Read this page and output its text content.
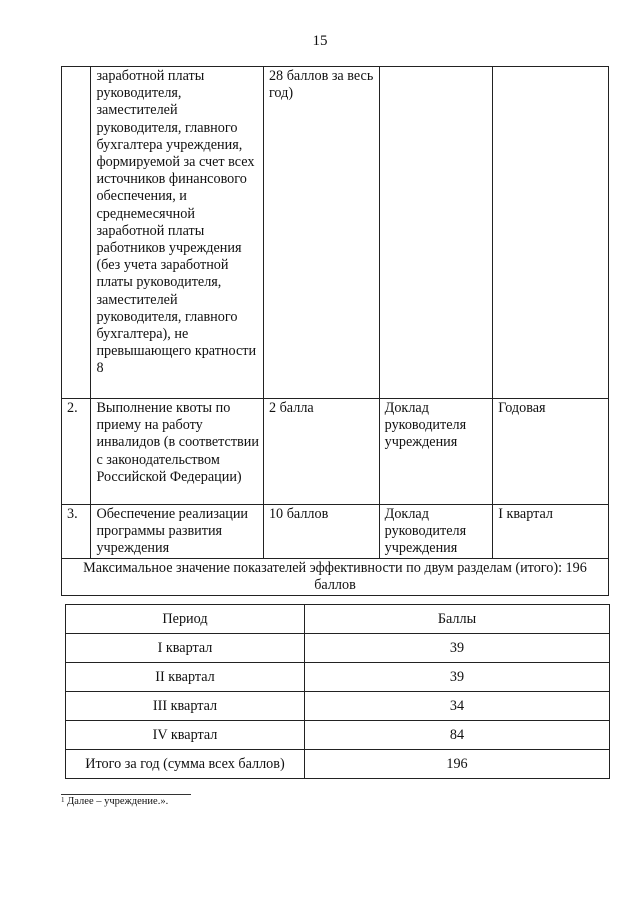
15
	заработной платы руководителя, заместителей руководителя, главного бухгалтера учреждения, формируемой за счет всех источников финансового обеспечения, и среднемесячной заработной платы работников учреждения (без учета заработной платы руководителя, заместителей руководителя, главного бухгалтера), не превышающего кратности 8	28 баллов за весь год)		
2.	Выполнение квоты по приему на работу инвалидов (в соответствии с законодательством Российской Федерации)	2 балла	Доклад руководителя учреждения	Годовая
3.	Обеспечение реализации программы развития учреждения	10 баллов	Доклад руководителя учреждения	I квартал
Максимальное значение показателей эффективности по двум разделам (итого): 196 баллов				
Период	Баллы
I квартал	39
II квартал	39
III квартал	34
IV квартал	84
Итого за год (сумма всех баллов)	196
$^1$ Далее – учреждение.».
